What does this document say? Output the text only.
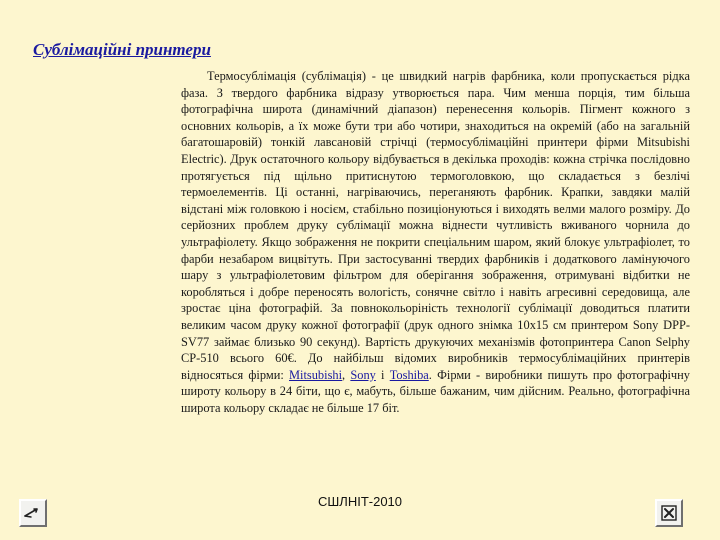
Сублімаційні принтери

Термосублімація (сублімація) - це швидкий нагрів фарбника, коли пропускається рідка фаза. З твердого фарбника відразу утворюється пара. Чим менша порція, тим більша фотографічна широта (динамічний діапазон) перенесення кольорів. Пігмент кожного з основних кольорів, а їх може бути три або чотири, знаходиться на окремій (або на загальній багатошаровій) тонкій лавсановій стрічці (термосублімаційні принтери фірми Mitsubishi Electric). Друк остаточного кольору відбувається в декілька проходів: кожна стрічка послідовно протягується під щільно притиснутою термоголовкою, що складається з безлічі термоелементів. Ці останні, нагріваючись, переганяють фарбник. Крапки, завдяки малій відстані між головкою і носієм, стабільно позиціонуються і виходять велми малого розміру. До серйозних проблем друку сублімації можна віднести чутливість вживаного чорнила до ультрафіолету. Якщо зображення не покрити спеціальним шаром, який блокує ультрафіолет, то фарби незабаром вицвітуть. При застосуванні твердих фарбників і додаткового ламінуючого шару з ультрафіолетовим фільтром для оберігання зображення, отримувані відбитки не коробляться і добре переносять вологість, сонячне світло і навіть агресивні середовища, але зростає ціна фотографій. За повнокольоріність технології сублімації доводиться платити великим часом друку кожної фотографії (друк одного знімка 10x15 см принтером Sony DPP-SV77 займає близько 90 секунд). Вартість друкуючих механізмів фотопринтера Canon Selphy CP-510 всього 60€. До найбільш відомих виробників термосублімаційних принтерів відносяться фірми: Mitsubishi, Sony і Toshiba. Фірми - виробники пишуть про фотографічну широту кольору в 24 біти, що є, мабуть, більше бажаним, чим дійсним. Реально, фотографічна широта кольору складає не більше 17 біт.

СШЛНІТ-2010
